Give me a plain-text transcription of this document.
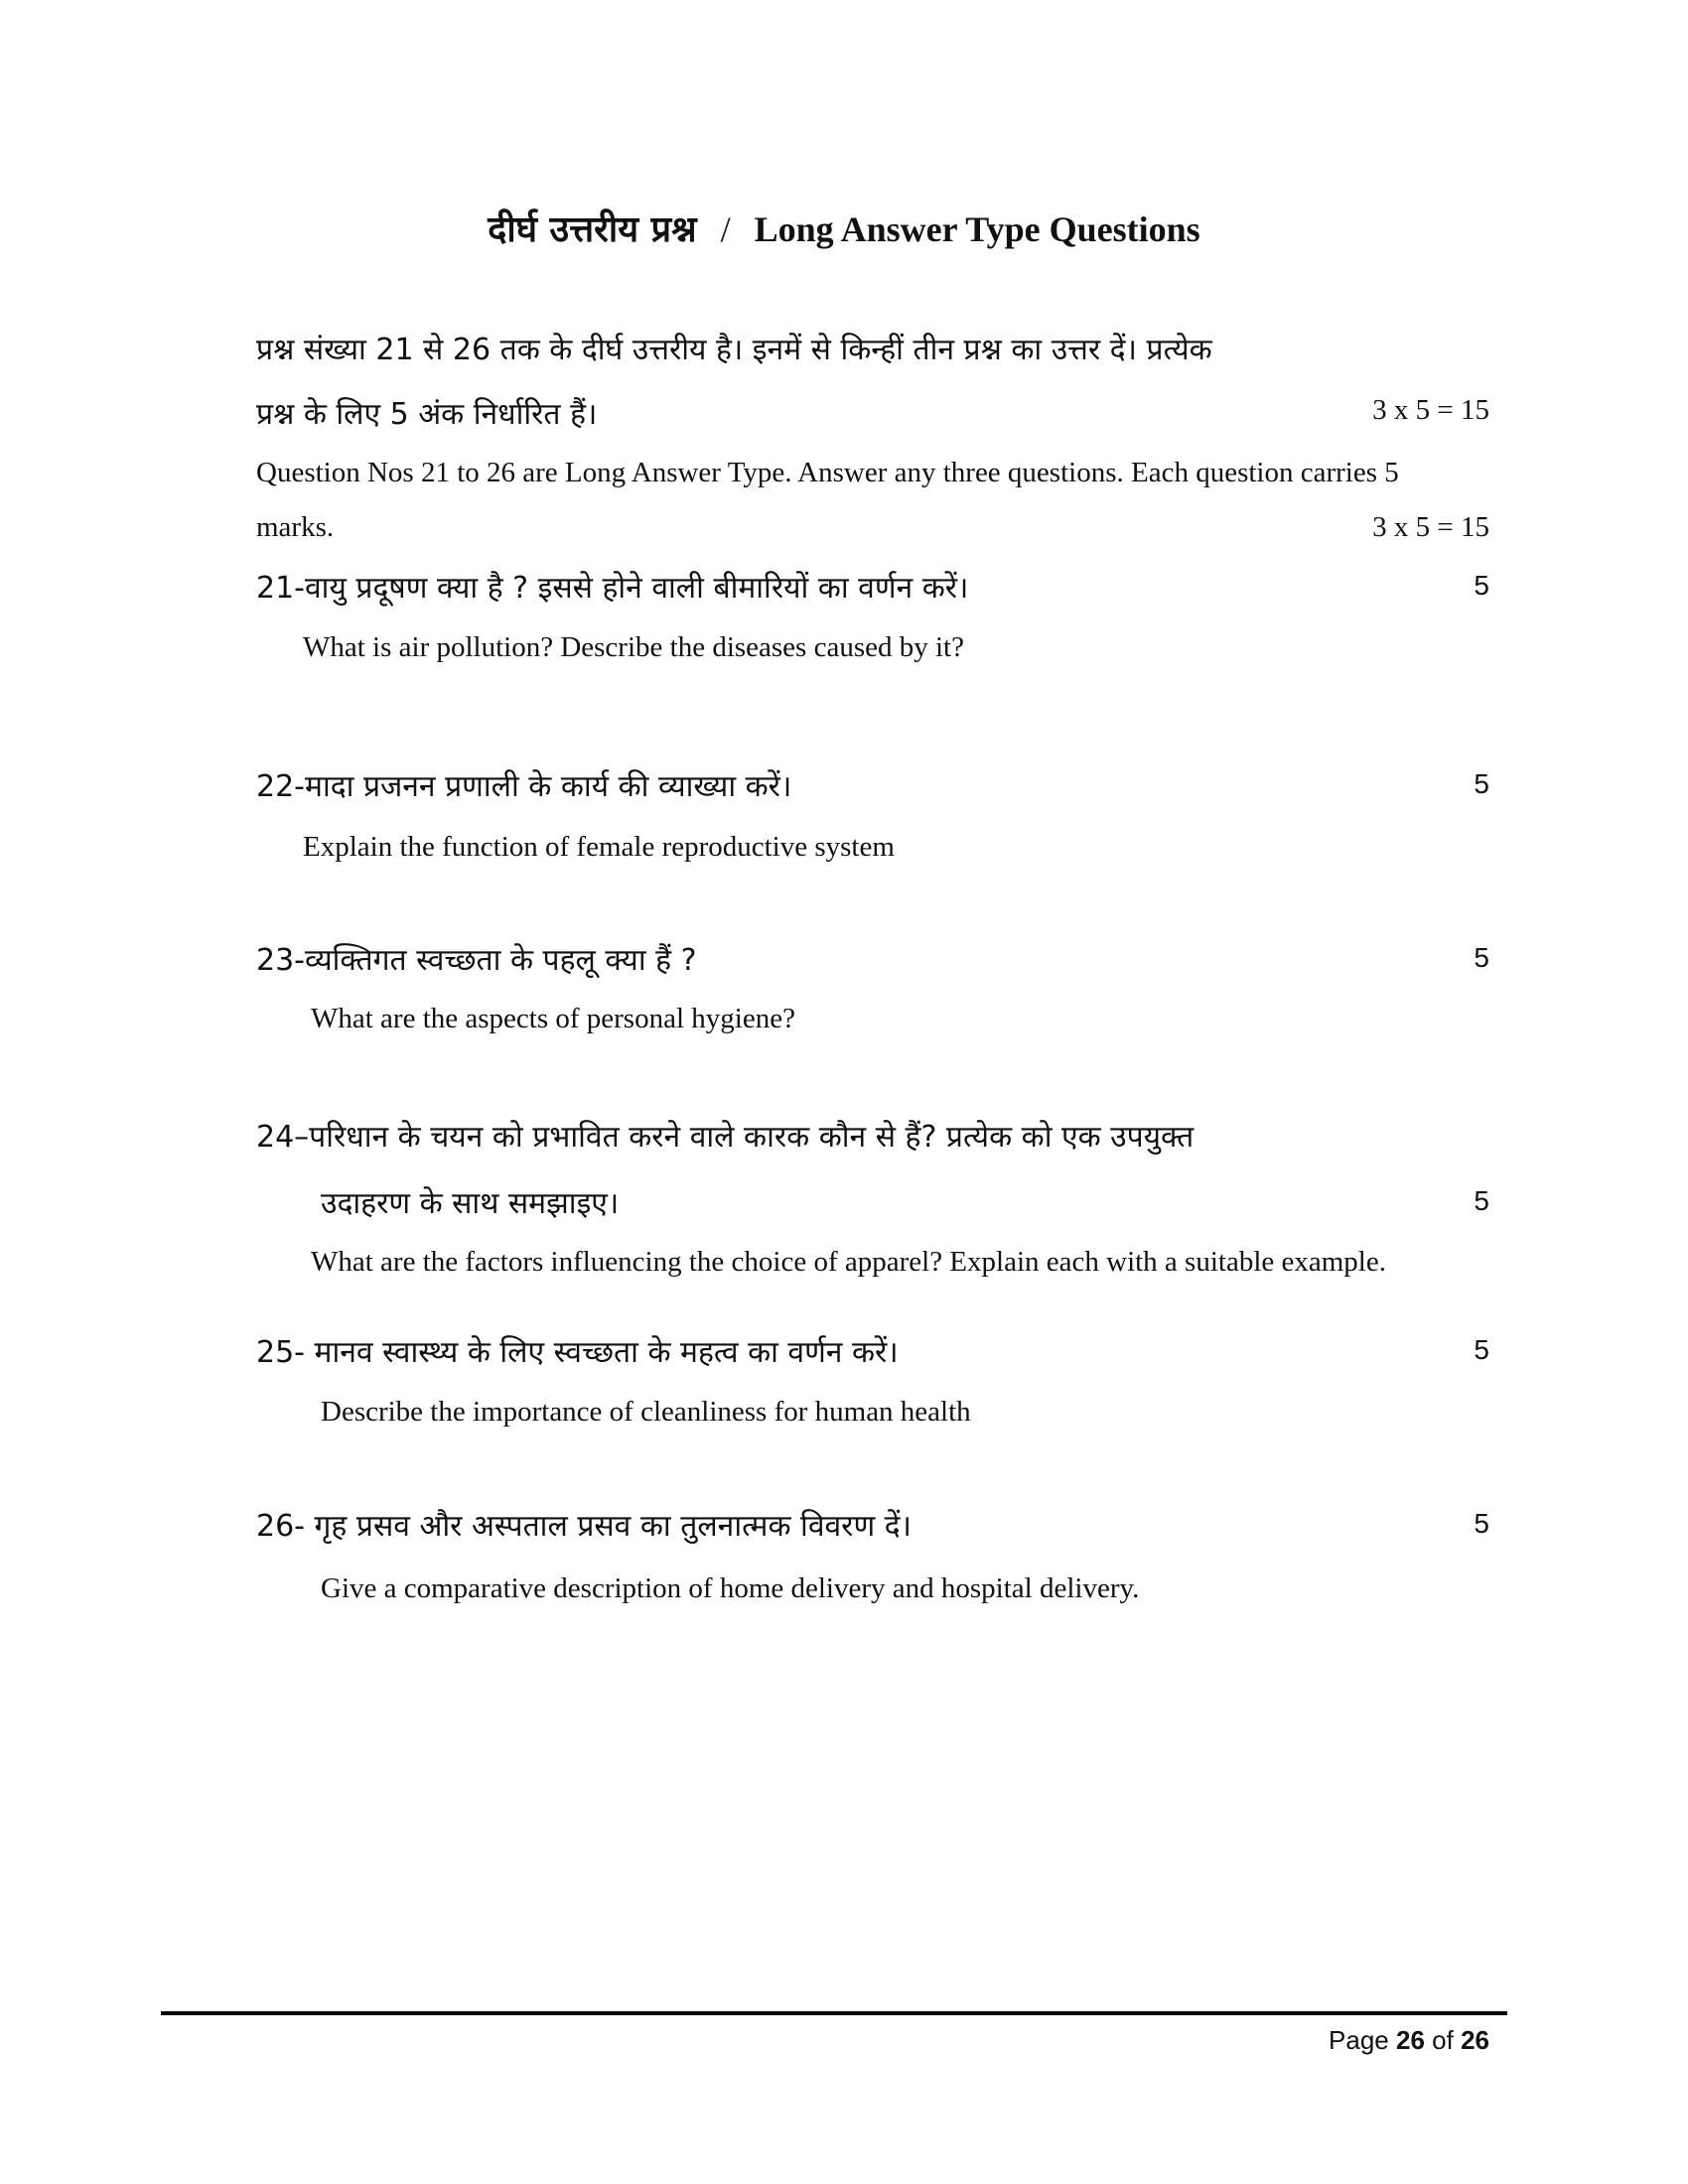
दीर्घ उत्तरीय प्रश्न / Long Answer Type Questions
प्रश्न संख्या 21 से 26 तक के दीर्घ उत्तरीय है। इनमें से किन्हीं तीन प्रश्न का उत्तर दें। प्रत्येक
प्रश्न के लिए 5 अंक निर्धारित हैं।	3 x 5 = 15
Question Nos 21 to 26 are Long Answer Type. Answer any three questions. Each question carries 5
marks.	3 x 5 = 15
21-वायु प्रदूषण क्या है ? इससे होने वाली बीमारियों का वर्णन करें।	5
What is air pollution? Describe the diseases caused by it?
22-मादा प्रजनन प्रणाली के कार्य की व्याख्या करें।	5
Explain the function of female reproductive system
23-व्यक्तिगत स्वच्छता के पहलू क्या हैं ?	5
What are the aspects of personal hygiene?
24–परिधान के चयन को प्रभावित करने वाले कारक कौन से हैं? प्रत्येक को एक उपयुक्त
उदाहरण के साथ समझाइए।	5
What are the factors influencing the choice of apparel? Explain each with a suitable example.
25- मानव स्वास्थ्य के लिए स्वच्छता के महत्व का वर्णन करें।	5
Describe the importance of cleanliness for human health
26- गृह प्रसव और अस्पताल प्रसव का तुलनात्मक विवरण दें।	5
Give a comparative description of home delivery and hospital delivery.
Page 26 of 26
